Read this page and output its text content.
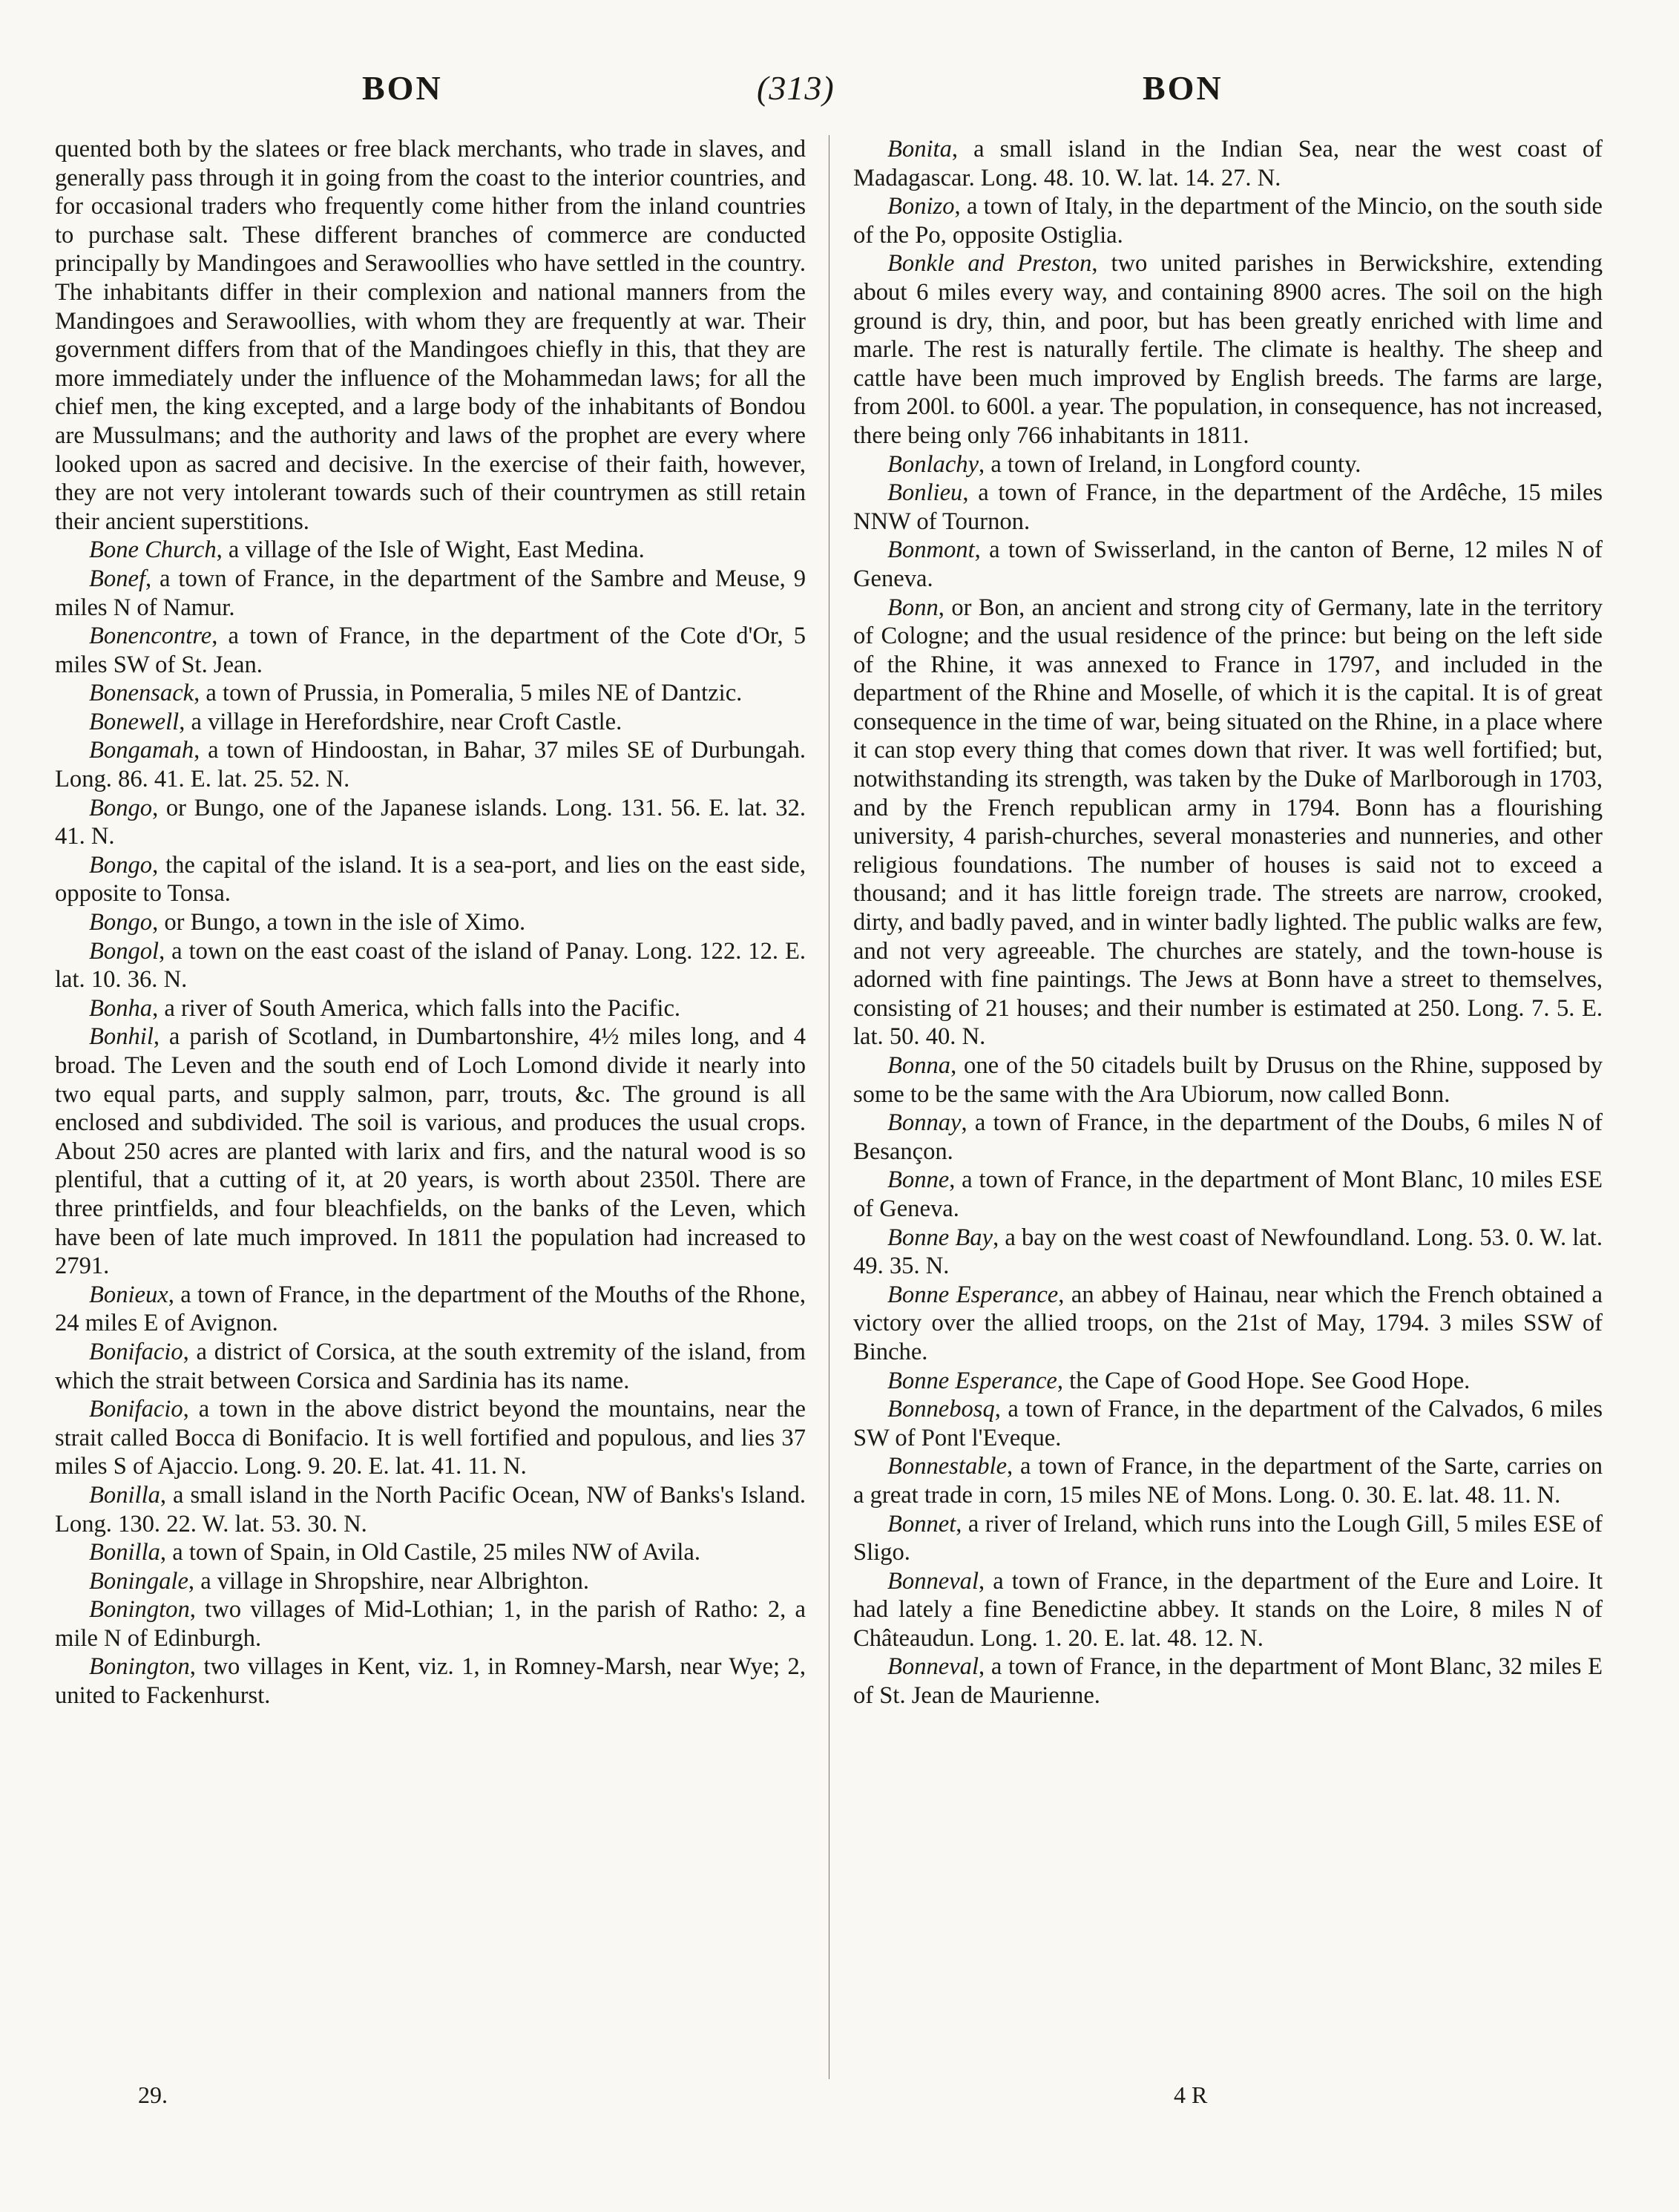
BON	(313)	BON

quented both by the slatees or free black merchants, who trade in slaves, and generally pass through it in going from the coast to the interior countries, and for occasional traders who frequently come hither from the inland countries to purchase salt. These different branches of commerce are conducted principally by Mandingoes and Serawoollies who have settled in the country. The inhabitants differ in their complexion and national manners from the Mandingoes and Serawoollies, with whom they are frequently at war. Their government differs from that of the Mandingoes chiefly in this, that they are more immediately under the influence of the Mohammedan laws; for all the chief men, the king excepted, and a large body of the inhabitants of Bondou are Mussulmans; and the authority and laws of the prophet are every where looked upon as sacred and decisive. In the exercise of their faith, however, they are not very intolerant towards such of their countrymen as still retain their ancient superstitions.

Bone Church, a village of the Isle of Wight, East Medina.

Bonef, a town of France, in the department of the Sambre and Meuse, 9 miles N of Namur.

Bonencontre, a town of France, in the department of the Cote d'Or, 5 miles SW of St. Jean.

Bonensack, a town of Prussia, in Pomeralia, 5 miles NE of Dantzic.

Bonewell, a village in Herefordshire, near Croft Castle.

Bongamah, a town of Hindoostan, in Bahar, 37 miles SE of Durbungah. Long. 86. 41. E. lat. 25. 52. N.

Bongo, or Bungo, one of the Japanese islands. Long. 131. 56. E. lat. 32. 41. N.

Bongo, the capital of the island. It is a sea-port, and lies on the east side, opposite to Tonsa.

Bongo, or Bungo, a town in the isle of Ximo.

Bongol, a town on the east coast of the island of Panay. Long. 122. 12. E. lat. 10. 36. N.

Bonha, a river of South America, which falls into the Pacific.

Bonhil, a parish of Scotland, in Dumbartonshire, 4½ miles long, and 4 broad. The Leven and the south end of Loch Lomond divide it nearly into two equal parts, and supply salmon, parr, trouts, &c. The ground is all enclosed and subdivided. The soil is various, and produces the usual crops. About 250 acres are planted with larix and firs, and the natural wood is so plentiful, that a cutting of it, at 20 years, is worth about 2350l. There are three printfields, and four bleachfields, on the banks of the Leven, which have been of late much improved. In 1811 the population had increased to 2791.

Bonieux, a town of France, in the department of the Mouths of the Rhone, 24 miles E of Avignon.

Bonifacio, a district of Corsica, at the south extremity of the island, from which the strait between Corsica and Sardinia has its name.

Bonifacio, a town in the above district beyond the mountains, near the strait called Bocca di Bonifacio. It is well fortified and populous, and lies 37 miles S of Ajaccio. Long. 9. 20. E. lat. 41. 11. N.

Bonilla, a small island in the North Pacific Ocean, NW of Banks's Island. Long. 130. 22. W. lat. 53. 30. N.

Bonilla, a town of Spain, in Old Castile, 25 miles NW of Avila.

Boningale, a village in Shropshire, near Albrighton.

Bonington, two villages of Mid-Lothian; 1, in the parish of Ratho: 2, a mile N of Edinburgh.

Bonington, two villages in Kent, viz. 1, in Romney-Marsh, near Wye; 2, united to Fackenhurst.

Bonita, a small island in the Indian Sea, near the west coast of Madagascar. Long. 48. 10. W. lat. 14. 27. N.

Bonizo, a town of Italy, in the department of the Mincio, on the south side of the Po, opposite Ostiglia.

Bonkle and Preston, two united parishes in Berwickshire, extending about 6 miles every way, and containing 8900 acres. The soil on the high ground is dry, thin, and poor, but has been greatly enriched with lime and marle. The rest is naturally fertile. The climate is healthy. The sheep and cattle have been much improved by English breeds. The farms are large, from 200l. to 600l. a year. The population, in consequence, has not increased, there being only 766 inhabitants in 1811.

Bonlachy, a town of Ireland, in Longford county.

Bonlieu, a town of France, in the department of the Ardêche, 15 miles NNW of Tournon.

Bonmont, a town of Swisserland, in the canton of Berne, 12 miles N of Geneva.

Bonn, or Bon, an ancient and strong city of Germany, late in the territory of Cologne; and the usual residence of the prince: but being on the left side of the Rhine, it was annexed to France in 1797, and included in the department of the Rhine and Moselle, of which it is the capital. It is of great consequence in the time of war, being situated on the Rhine, in a place where it can stop every thing that comes down that river. It was well fortified; but, notwithstanding its strength, was taken by the Duke of Marlborough in 1703, and by the French republican army in 1794. Bonn has a flourishing university, 4 parish-churches, several monasteries and nunneries, and other religious foundations. The number of houses is said not to exceed a thousand; and it has little foreign trade. The streets are narrow, crooked, dirty, and badly paved, and in winter badly lighted. The public walks are few, and not very agreeable. The churches are stately, and the town-house is adorned with fine paintings. The Jews at Bonn have a street to themselves, consisting of 21 houses; and their number is estimated at 250. Long. 7. 5. E. lat. 50. 40. N.

Bonna, one of the 50 citadels built by Drusus on the Rhine, supposed by some to be the same with the Ara Ubiorum, now called Bonn.

Bonnay, a town of France, in the department of the Doubs, 6 miles N of Besançon.

Bonne, a town of France, in the department of Mont Blanc, 10 miles ESE of Geneva.

Bonne Bay, a bay on the west coast of Newfoundland. Long. 53. 0. W. lat. 49. 35. N.

Bonne Esperance, an abbey of Hainau, near which the French obtained a victory over the allied troops, on the 21st of May, 1794. 3 miles SSW of Binche.

Bonne Esperance, the Cape of Good Hope. See Good Hope.

Bonnebosq, a town of France, in the department of the Calvados, 6 miles SW of Pont l'Eveque.

Bonnestable, a town of France, in the department of the Sarte, carries on a great trade in corn, 15 miles NE of Mons. Long. 0. 30. E. lat. 48. 11. N.

Bonnet, a river of Ireland, which runs into the Lough Gill, 5 miles ESE of Sligo.

Bonneval, a town of France, in the department of the Eure and Loire. It had lately a fine Benedictine abbey. It stands on the Loire, 8 miles N of Châteaudun. Long. 1. 20. E. lat. 48. 12. N.

Bonneval, a town of France, in the department of Mont Blanc, 32 miles E of St. Jean de Maurienne.

29.	4 R
